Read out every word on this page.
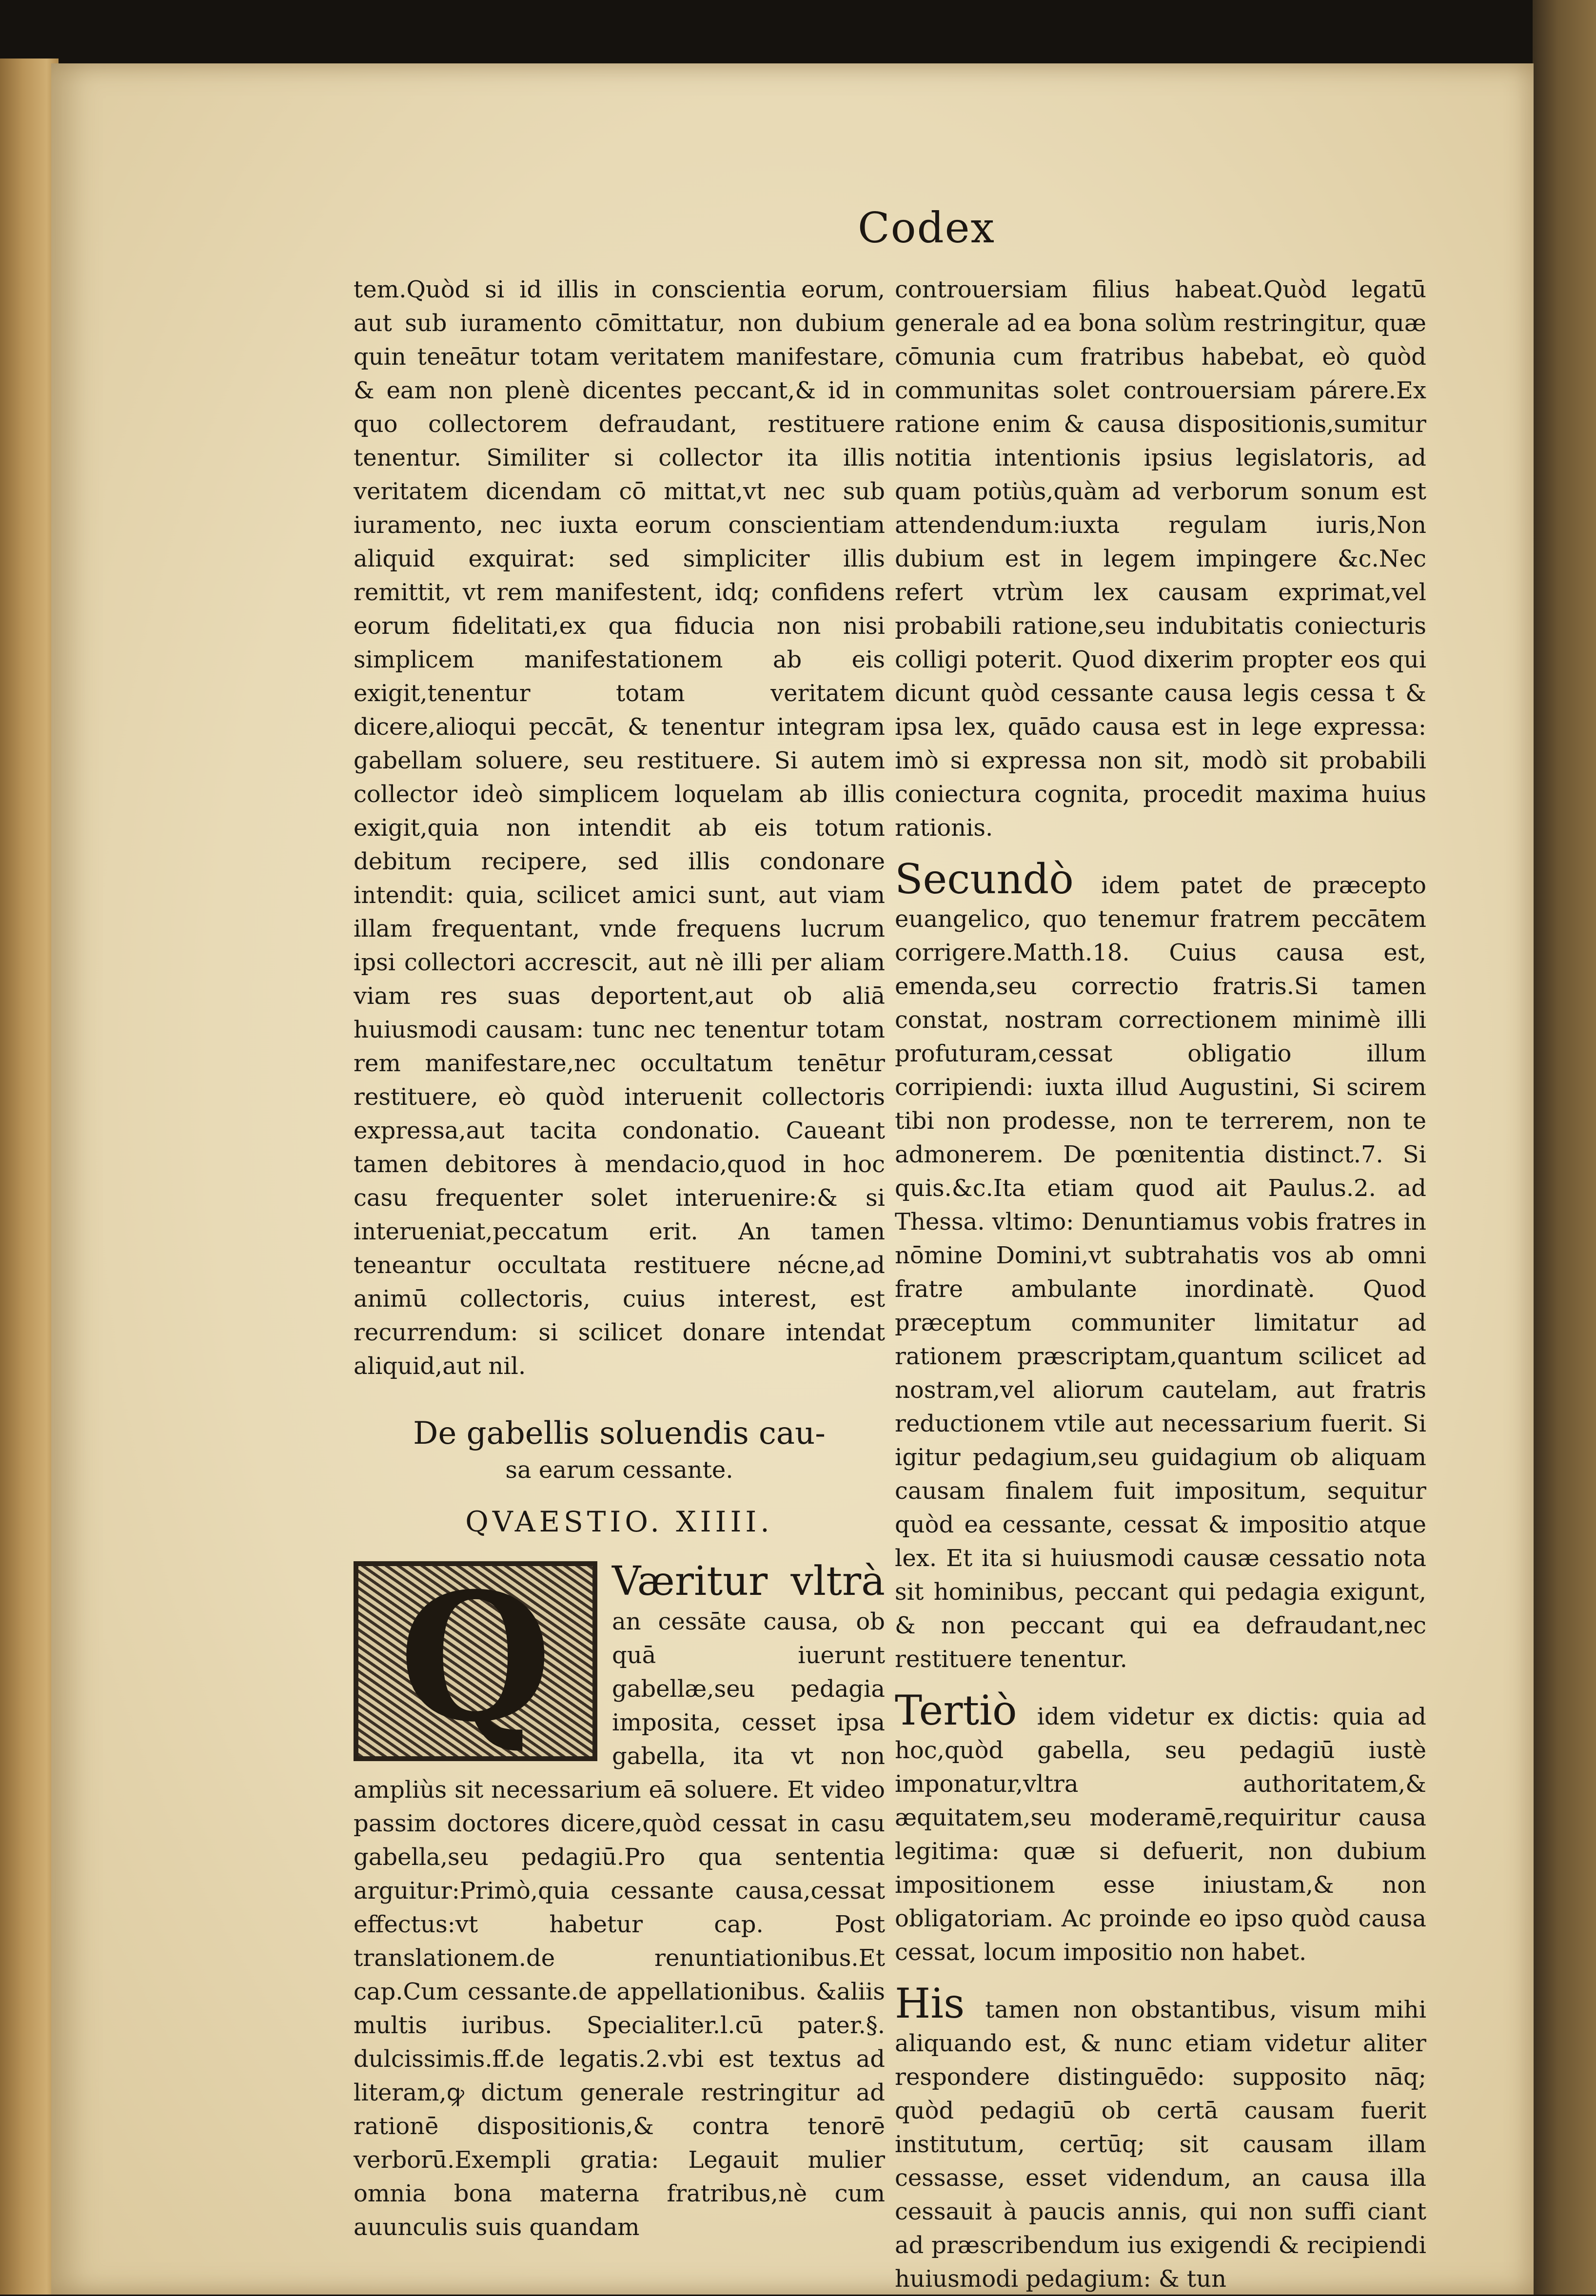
Codex

tem.Quòd si id illis in conscientia eorum, aut sub iuramento cōmittatur, non dubium quin teneātur totam veritatem manifestare, & eam non plenè dicentes peccant,& id in quo collectorem defraudant, restituere tenentur. Similiter si collector ita illis veritatem dicendam cō mittat,vt nec sub iuramento, nec iuxta eorum conscientiam aliquid exquirat: sed simpliciter illis remittit, vt rem manifestent, idq; confidens eorum fidelitati,ex qua fiducia non nisi simplicem manifestationem ab eis exigit,tenentur totam veritatem dicere,alioqui peccāt, & tenentur integram gabellam soluere, seu restituere. Si autem collector ideò simplicem loquelam ab illis exigit,quia non intendit ab eis totum debitum recipere, sed illis condonare intendit: quia, scilicet amici sunt, aut viam illam frequentant, vnde frequens lucrum ipsi collectori accrescit, aut nè illi per aliam viam res suas deportent,aut ob aliā huiusmodi causam: tunc nec tenentur totam rem manifestare,nec occultatum tenētur restituere, eò quòd interuenit collectoris expressa,aut tacita condonatio. Caueant tamen debitores à mendacio,quod in hoc casu frequenter solet interuenire:& si interueniat,peccatum erit. An tamen teneantur occultata restituere nécne,ad animū collectoris, cuius interest, est recurrendum: si scilicet donare intendat aliquid,aut nil.

De gabellis soluendis cau-
sa earum cessante.
QVAESTIO. XIIII.
Q Væritur vltrà an cessāte causa, ob quā iuerunt gabellæ,seu pedagia imposita, cesset ipsa gabella, ita vt non ampliùs sit necessarium eā soluere. Et video passim doctores dicere,quòd cessat in casu gabella,seu pedagiū.Pro qua sententia arguitur:Primò,quia cessante causa,cessat effectus:vt habetur cap. Post translationem.de renuntiationibus.Et cap.Cum cessante.de appellationibus. &aliis multis iuribus. Specialiter.l.cū pater.§. dulcissimis.ff.de legatis.2.vbi est textus ad literam,ꝙ dictum generale restringitur ad rationē dispositionis,& contra tenorē verborū.Exempli gratia: Legauit mulier omnia bona materna fratribus,nè cum auunculis suis quandam

controuersiam filius habeat.Quòd legatū generale ad ea bona solùm restringitur, quæ cōmunia cum fratribus habebat, eò quòd communitas solet controuersiam párere.Ex ratione enim & causa dispositionis,sumitur notitia intentionis ipsius legislatoris, ad quam potiùs,quàm ad verborum sonum est attendendum:iuxta regulam iuris,Non dubium est in legem impingere &c.Nec refert vtrùm lex causam exprimat,vel probabili ratione,seu indubitatis coniecturis colligi poterit. Quod dixerim propter eos qui dicunt quòd cessante causa legis cessa t & ipsa lex, quādo causa est in lege expressa: imò si expressa non sit, modò sit probabili coniectura cognita, procedit maxima huius rationis.

Secundò idem patet de præcepto euangelico, quo tenemur fratrem peccātem corrigere.Matth.18. Cuius causa est, emenda,seu correctio fratris.Si tamen constat, nostram correctionem minimè illi profuturam,cessat obligatio illum corripiendi: iuxta illud Augustini, Si scirem tibi non prodesse, non te terrerem, non te admonerem. De pœnitentia distinct.7. Si quis.&c.Ita etiam quod ait Paulus.2. ad Thessa. vltimo: Denuntiamus vobis fratres in nōmine Domini,vt subtrahatis vos ab omni fratre ambulante inordinatè. Quod præceptum communiter limitatur ad rationem præscriptam,quantum scilicet ad nostram,vel aliorum cautelam, aut fratris reductionem vtile aut necessarium fuerit. Si igitur pedagium,seu guidagium ob aliquam causam finalem fuit impositum, sequitur quòd ea cessante, cessat & impositio atque lex. Et ita si huiusmodi causæ cessatio nota sit hominibus, peccant qui pedagia exigunt, & non peccant qui ea defraudant,nec restituere tenentur.

Tertiò idem videtur ex dictis: quia ad hoc,quòd gabella, seu pedagiū iustè imponatur,vltra authoritatem,& æquitatem,seu moderamē,requiritur causa legitima: quæ si defuerit, non dubium impositionem esse iniustam,& non obligatoriam. Ac proinde eo ipso quòd causa cessat, locum impositio non habet.

His tamen non obstantibus, visum mihi aliquando est, & nunc etiam videtur aliter respondere distinguēdo: supposito nāq; quòd pedagiū ob certā causam fuerit institutum, certūq; sit causam illam cessasse, esset videndum, an causa illa cessauit à paucis annis, qui non suffi ciant ad præscribendum ius exigendi & recipiendi huiusmodi pedagium: & tun
